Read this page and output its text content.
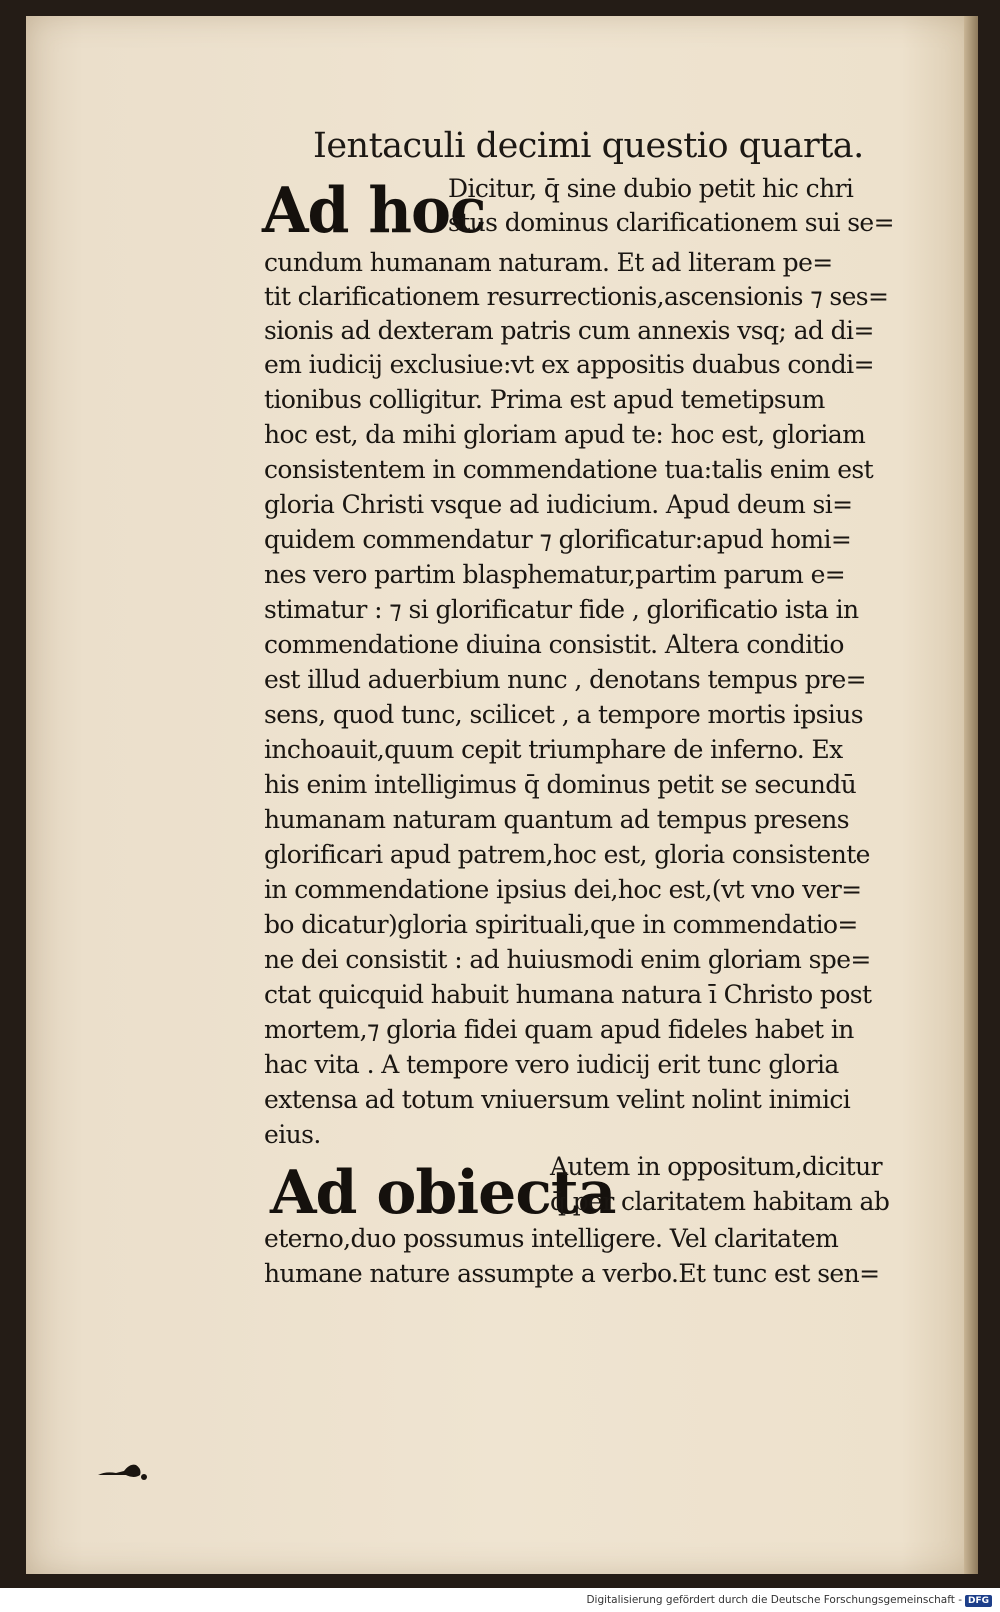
Ientaculi decimi questio quarta.
Ad hoc
Ad obiecta
Dicitur, q̄ sine dubio petit hic chri
stus dominus clarificationem sui se=
cundum humanam naturam. Et ad literam pe=
tit clarificationem resurrectionis,ascensionis ⁊ ses=
sionis ad dexteram patris cum annexis vsq; ad di=
em iudicij exclusiue:vt ex appositis duabus condi=
tionibus colligitur. Prima est apud temetipsum
hoc est, da mihi gloriam apud te: hoc est, gloriam
consistentem in commendatione tua:talis enim est
gloria Christi vsque ad iudicium. Apud deum si=
quidem commendatur ⁊ glorificatur:apud homi=
nes vero partim blasphematur,partim parum e=
stimatur : ⁊ si glorificatur fide , glorificatio ista in
commendatione diuina consistit. Altera conditio
est illud aduerbium nunc , denotans tempus pre=
sens, quod tunc, scilicet , a tempore mortis ipsius
inchoauit,quum cepit triumphare de inferno. Ex
his enim intelligimus q̄ dominus petit se secundū
humanam naturam quantum ad tempus presens
glorificari apud patrem,hoc est, gloria consistente
in commendatione ipsius dei,hoc est,(vt vno ver=
bo dicatur)gloria spirituali,que in commendatio=
ne dei consistit : ad huiusmodi enim gloriam spe=
ctat quicquid habuit humana natura ī Christo post
mortem,⁊ gloria fidei quam apud fideles habet in
hac vita . A tempore vero iudicij erit tunc gloria
extensa ad totum vniuersum velint nolint inimici
eius.
Autem in oppositum,dicitur
q̄ per claritatem habitam ab
eterno,duo possumus intelligere. Vel claritatem
humane nature assumpte a verbo.Et tunc est sen=
Digitalisierung gefördert durch die Deutsche Forschungsgemeinschaft - DFG
